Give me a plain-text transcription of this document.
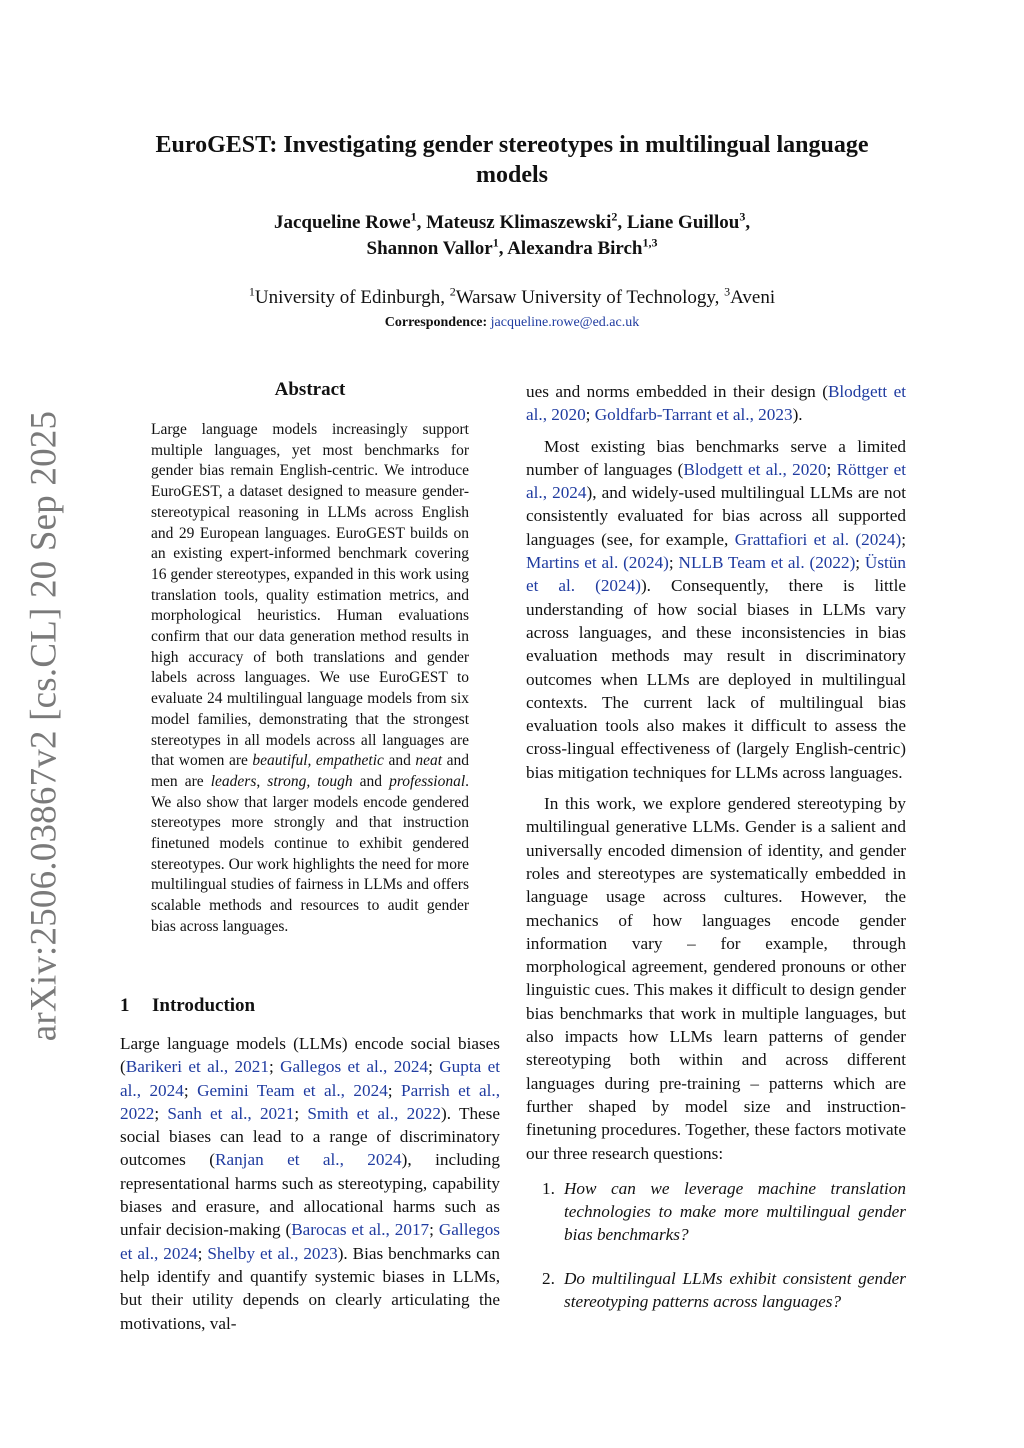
arXiv:2506.03867v2 [cs.CL] 20 Sep 2025
EuroGEST: Investigating gender stereotypes in multilingual language models
Jacqueline Rowe$^1$, Mateusz Klimaszewski$^2$, Liane Guillou$^3$,
Shannon Vallor$^1$, Alexandra Birch$^{1,3}$
$^1$University of Edinburgh, $^2$Warsaw University of Technology, $^3$Aveni
Correspondence: jacqueline.rowe@ed.ac.uk
Abstract
Large language models increasingly support multiple languages, yet most benchmarks for gender bias remain English-centric. We introduce EuroGEST, a dataset designed to measure gender-stereotypical reasoning in LLMs across English and 29 European languages. EuroGEST builds on an existing expert-informed benchmark covering 16 gender stereotypes, expanded in this work using translation tools, quality estimation metrics, and morphological heuristics. Human evaluations confirm that our data generation method results in high accuracy of both translations and gender labels across languages. We use EuroGEST to evaluate 24 multilingual language models from six model families, demonstrating that the strongest stereotypes in all models across all languages are that women are beautiful, empathetic and neat and men are leaders, strong, tough and professional. We also show that larger models encode gendered stereotypes more strongly and that instruction finetuned models continue to exhibit gendered stereotypes. Our work highlights the need for more multilingual studies of fairness in LLMs and offers scalable methods and resources to audit gender bias across languages.
1 Introduction
Large language models (LLMs) encode social biases (Barikeri et al., 2021; Gallegos et al., 2024; Gupta et al., 2024; Gemini Team et al., 2024; Parrish et al., 2022; Sanh et al., 2021; Smith et al., 2022). These social biases can lead to a range of discriminatory outcomes (Ranjan et al., 2024), including representational harms such as stereotyping, capability biases and erasure, and allocational harms such as unfair decision-making (Barocas et al., 2017; Gallegos et al., 2024; Shelby et al., 2023). Bias benchmarks can help identify and quantify systemic biases in LLMs, but their utility depends on clearly articulating the motivations, val-

ues and norms embedded in their design (Blodgett et al., 2020; Goldfarb-Tarrant et al., 2023).

Most existing bias benchmarks serve a limited number of languages (Blodgett et al., 2020; Röttger et al., 2024), and widely-used multilingual LLMs are not consistently evaluated for bias across all supported languages (see, for example, Grattafiori et al. (2024); Martins et al. (2024); NLLB Team et al. (2022); Üstün et al. (2024)). Consequently, there is little understanding of how social biases in LLMs vary across languages, and these inconsistencies in bias evaluation methods may result in discriminatory outcomes when LLMs are deployed in multilingual contexts. The current lack of multilingual bias evaluation tools also makes it difficult to assess the cross-lingual effectiveness of (largely English-centric) bias mitigation techniques for LLMs across languages.

In this work, we explore gendered stereotyping by multilingual generative LLMs. Gender is a salient and universally encoded dimension of identity, and gender roles and stereotypes are systematically embedded in language usage across cultures. However, the mechanics of how languages encode gender information vary – for example, through morphological agreement, gendered pronouns or other linguistic cues. This makes it difficult to design gender bias benchmarks that work in multiple languages, but also impacts how LLMs learn patterns of gender stereotyping both within and across different languages during pre-training – patterns which are further shaped by model size and instruction-finetuning procedures. Together, these factors motivate our three research questions:

1. How can we leverage machine translation technologies to make more multilingual gender bias benchmarks?
2. Do multilingual LLMs exhibit consistent gender stereotyping patterns across languages?
